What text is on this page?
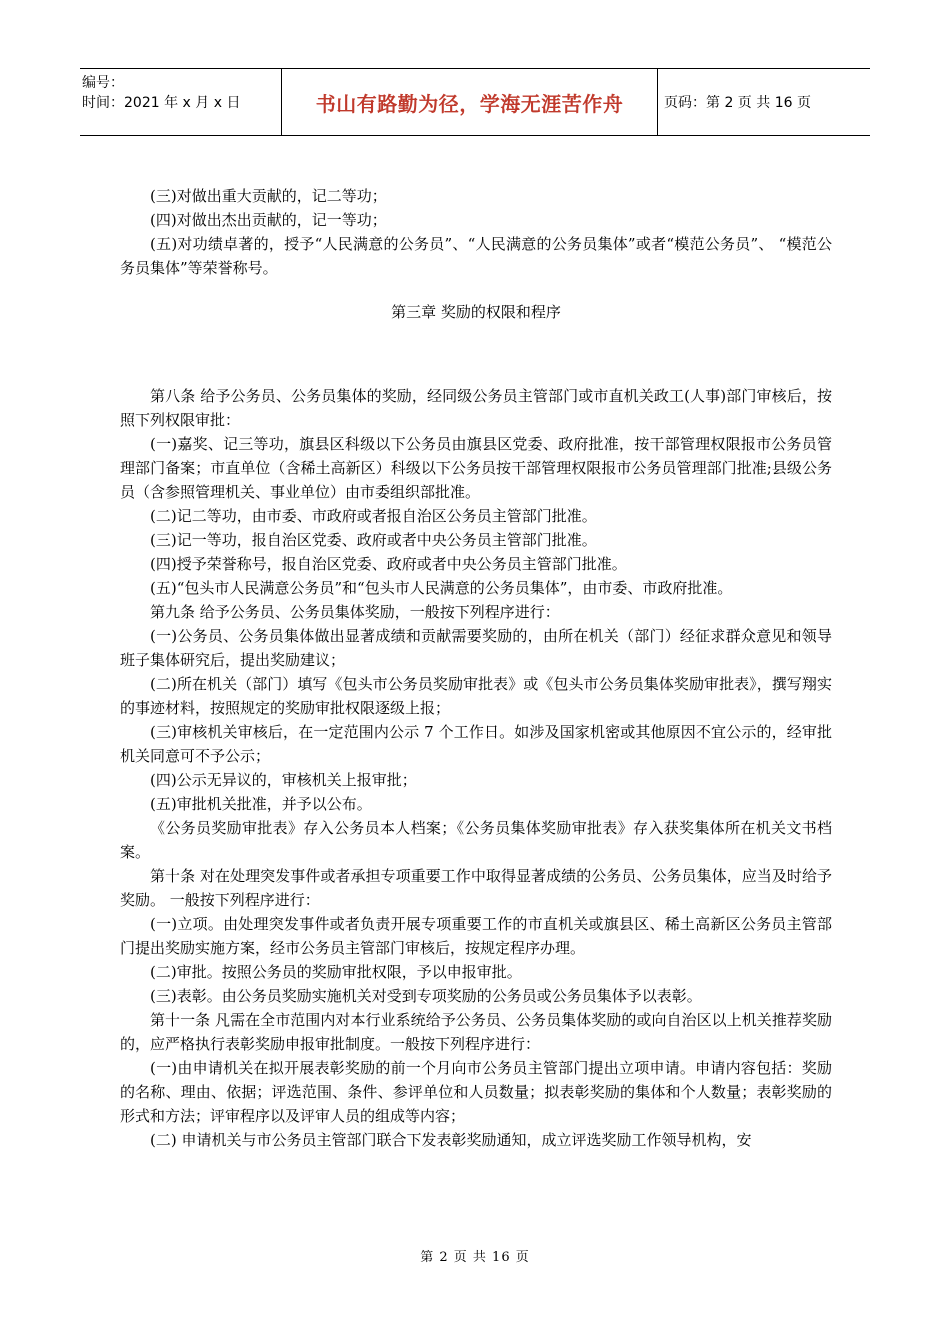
编号：
时间：2021 年 x 月 x 日	书山有路勤为径，学海无涯苦作舟	页码：第 2 页 共 16 页

(三)对做出重大贡献的，记二等功；

(四)对做出杰出贡献的，记一等功；

(五)对功绩卓著的，授予“人民满意的公务员”、“人民满意的公务员集体”或者“模范公务员”、 “模范公务员集体”等荣誉称号。

第三章 奖励的权限和程序

第八条 给予公务员、公务员集体的奖励，经同级公务员主管部门或市直机关政工(人事)部门审核后，按照下列权限审批：

(一)嘉奖、记三等功，旗县区科级以下公务员由旗县区党委、政府批准，按干部管理权限报市公务员管理部门备案；市直单位（含稀土高新区）科级以下公务员按干部管理权限报市公务员管理部门批准;县级公务员（含参照管理机关、事业单位）由市委组织部批准。

(二)记二等功，由市委、市政府或者报自治区公务员主管部门批准。

(三)记一等功，报自治区党委、政府或者中央公务员主管部门批准。

(四)授予荣誉称号，报自治区党委、政府或者中央公务员主管部门批准。

(五)“包头市人民满意公务员”和“包头市人民满意的公务员集体”，由市委、市政府批准。

第九条 给予公务员、公务员集体奖励，一般按下列程序进行：

(一)公务员、公务员集体做出显著成绩和贡献需要奖励的，由所在机关（部门）经征求群众意见和领导班子集体研究后，提出奖励建议；

(二)所在机关（部门）填写《包头市公务员奖励审批表》或《包头市公务员集体奖励审批表》，撰写翔实的事迹材料，按照规定的奖励审批权限逐级上报；

(三)审核机关审核后，在一定范围内公示 7 个工作日。如涉及国家机密或其他原因不宜公示的，经审批机关同意可不予公示；

(四)公示无异议的，审核机关上报审批；

(五)审批机关批准，并予以公布。

《公务员奖励审批表》存入公务员本人档案；《公务员集体奖励审批表》存入获奖集体所在机关文书档案。

第十条 对在处理突发事件或者承担专项重要工作中取得显著成绩的公务员、公务员集体，应当及时给予奖励。 一般按下列程序进行：

(一)立项。由处理突发事件或者负责开展专项重要工作的市直机关或旗县区、稀土高新区公务员主管部门提出奖励实施方案，经市公务员主管部门审核后，按规定程序办理。

(二)审批。按照公务员的奖励审批权限，予以申报审批。

(三)表彰。由公务员奖励实施机关对受到专项奖励的公务员或公务员集体予以表彰。

第十一条 凡需在全市范围内对本行业系统给予公务员、公务员集体奖励的或向自治区以上机关推荐奖励的，应严格执行表彰奖励申报审批制度。一般按下列程序进行：

(一)由申请机关在拟开展表彰奖励的前一个月向市公务员主管部门提出立项申请。申请内容包括：奖励的名称、理由、依据；评选范围、条件、参评单位和人员数量；拟表彰奖励的集体和个人数量；表彰奖励的形式和方法；评审程序以及评审人员的组成等内容；

(二) 申请机关与市公务员主管部门联合下发表彰奖励通知，成立评选奖励工作领导机构，安

第 2 页 共 16 页
